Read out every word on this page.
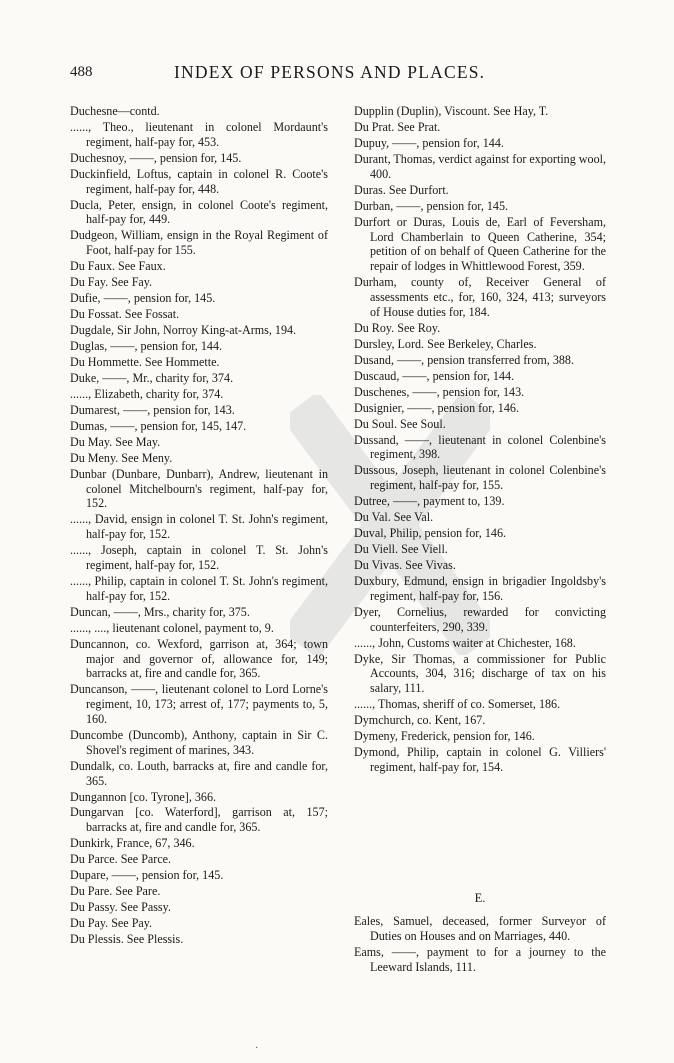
488	INDEX OF PERSONS AND PLACES.
Duchesne—contd.
......, Theo., lieutenant in colonel Mordaunt's regiment, half-pay for, 453.
Duchesnoy, ——, pension for, 145.
Duckinfield, Loftus, captain in colonel R. Coote's regiment, half-pay for, 448.
Ducla, Peter, ensign, in colonel Coote's regiment, half-pay for, 449.
Dudgeon, William, ensign in the Royal Regiment of Foot, half-pay for 155.
Du Faux. See Faux.
Du Fay. See Fay.
Dufie, ——, pension for, 145.
Du Fossat. See Fossat.
Dugdale, Sir John, Norroy King-at-Arms, 194.
Duglas, ——, pension for, 144.
Du Hommette. See Hommette.
Duke, ——, Mr., charity for, 374.
......, Elizabeth, charity for, 374.
Dumarest, ——, pension for, 143.
Dumas, ——, pension for, 145, 147.
Du May. See May.
Du Meny. See Meny.
Dunbar (Dunbare, Dunbarr), Andrew, lieutenant in colonel Mitchelbourn's regiment, half-pay for, 152.
......, David, ensign in colonel T. St. John's regiment, half-pay for, 152.
......, Joseph, captain in colonel T. St. John's regiment, half-pay for, 152.
......, Philip, captain in colonel T. St. John's regiment, half-pay for, 152.
Duncan, ——, Mrs., charity for, 375.
......, ...., lieutenant colonel, payment to, 9.
Duncannon, co. Wexford, garrison at, 364; town major and governor of, allowance for, 149; barracks at, fire and candle for, 365.
Duncanson, ——, lieutenant colonel to Lord Lorne's regiment, 10, 173; arrest of, 177; payments to, 5, 160.
Duncombe (Duncomb), Anthony, captain in Sir C. Shovel's regiment of marines, 343.
Dundalk, co. Louth, barracks at, fire and candle for, 365.
Dungannon [co. Tyrone], 366.
Dungarvan [co. Waterford], garrison at, 157; barracks at, fire and candle for, 365.
Dunkirk, France, 67, 346.
Du Parce. See Parce.
Dupare, ——, pension for, 145.
Du Pare. See Pare.
Du Passy. See Passy.
Du Pay. See Pay.
Du Plessis. See Plessis.
Dupplin (Duplin), Viscount. See Hay, T.
Du Prat. See Prat.
Dupuy, ——, pension for, 144.
Durant, Thomas, verdict against for exporting wool, 400.
Duras. See Durfort.
Durban, ——, pension for, 145.
Durfort or Duras, Louis de, Earl of Feversham, Lord Chamberlain to Queen Catherine, 354; petition of on behalf of Queen Catherine for the repair of lodges in Whittlewood Forest, 359.
Durham, county of, Receiver General of assessments etc., for, 160, 324, 413; surveyors of House duties for, 184.
Du Roy. See Roy.
Dursley, Lord. See Berkeley, Charles.
Dusand, ——, pension transferred from, 388.
Duscaud, ——, pension for, 144.
Duschenes, ——, pension for, 143.
Dusignier, ——, pension for, 146.
Du Soul. See Soul.
Dussand, ——, lieutenant in colonel Colenbine's regiment, 398.
Dussous, Joseph, lieutenant in colonel Colenbine's regiment, half-pay for, 155.
Dutree, ——, payment to, 139.
Du Val. See Val.
Duval, Philip, pension for, 146.
Du Viell. See Viell.
Du Vivas. See Vivas.
Duxbury, Edmund, ensign in brigadier Ingoldsby's regiment, half-pay for, 156.
Dyer, Cornelius, rewarded for convicting counterfeiters, 290, 339.
......, John, Customs waiter at Chichester, 168.
Dyke, Sir Thomas, a commissioner for Public Accounts, 304, 316; discharge of tax on his salary, 111.
......, Thomas, sheriff of co. Somerset, 186.
Dymchurch, co. Kent, 167.
Dymeny, Frederick, pension for, 146.
Dymond, Philip, captain in colonel G. Villiers' regiment, half-pay for, 154.
E.
Eales, Samuel, deceased, former Surveyor of Duties on Houses and on Marriages, 440.
Eams, ——, payment to for a journey to the Leeward Islands, 111.
·
